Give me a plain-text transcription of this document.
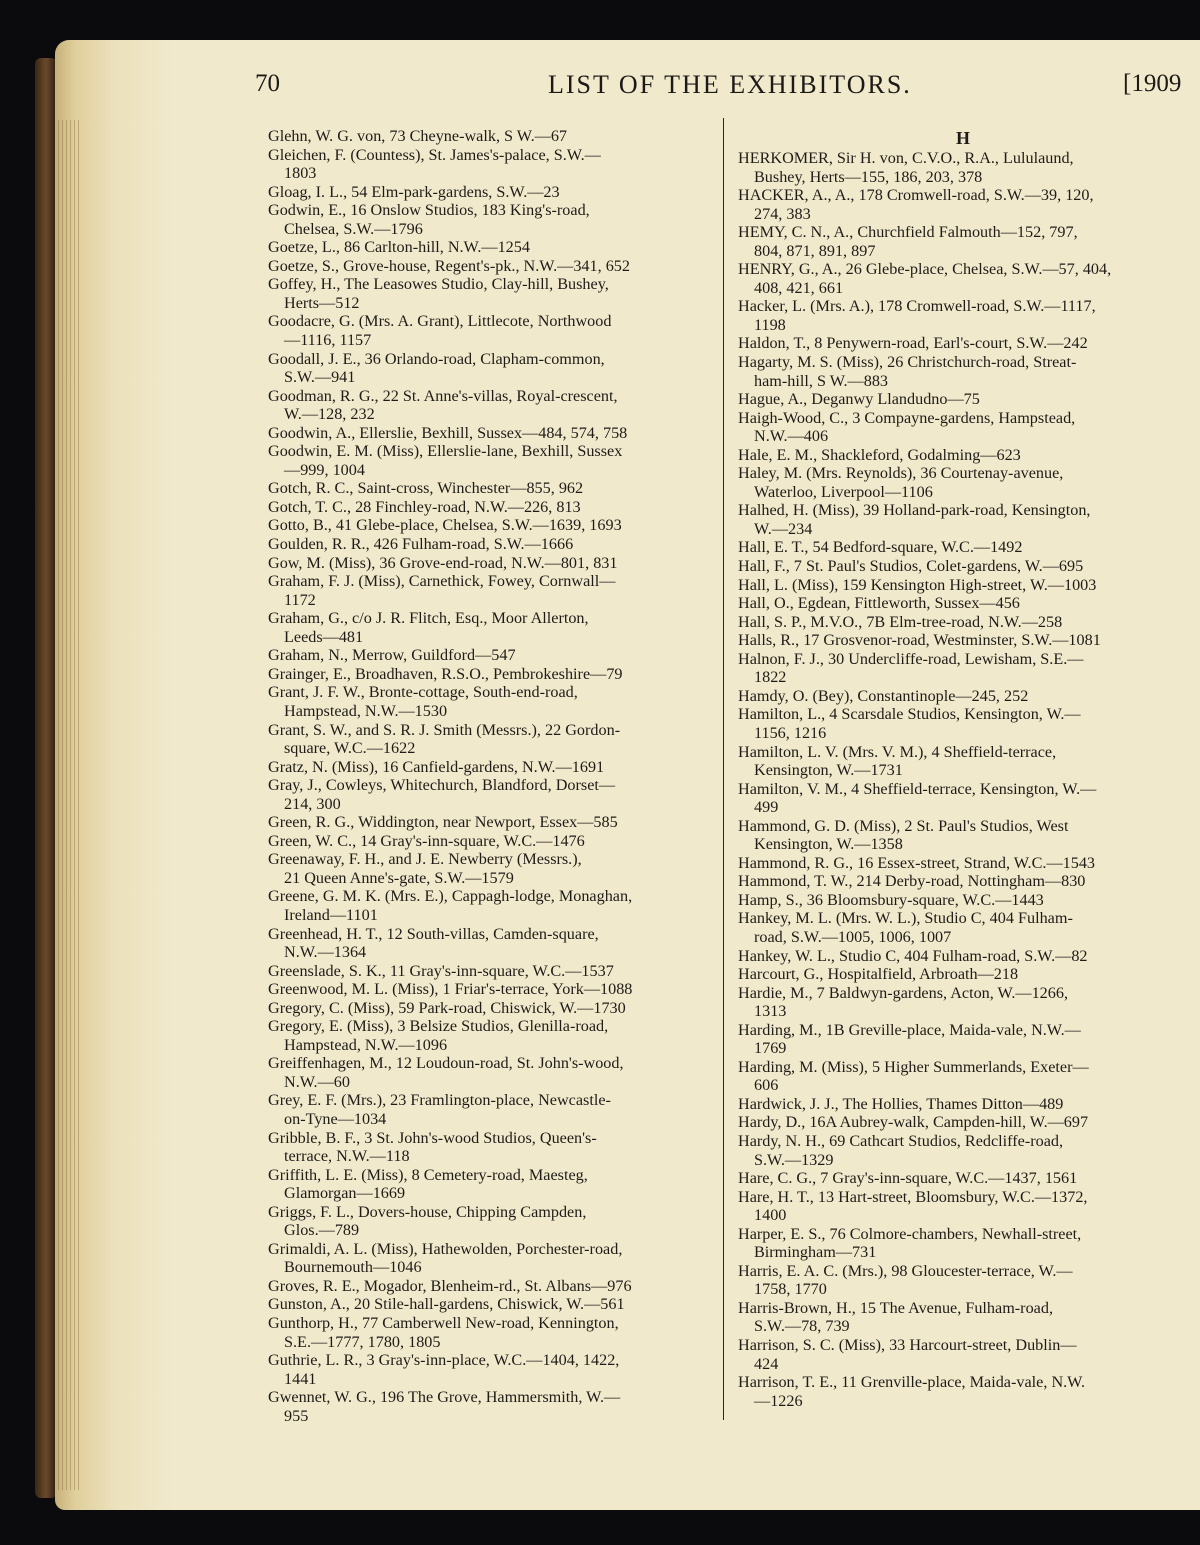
70	LIST OF THE EXHIBITORS.	[1909
Glehn, W. G. von, 73 Cheyne-walk, S W.—67
Gleichen, F. (Countess), St. James's-palace, S.W.—
1803
Gloag, I. L., 54 Elm-park-gardens, S.W.—23
Godwin, E., 16 Onslow Studios, 183 King's-road,
Chelsea, S.W.—1796
Goetze, L., 86 Carlton-hill, N.W.—1254
Goetze, S., Grove-house, Regent's-pk., N.W.—341, 652
Goffey, H., The Leasowes Studio, Clay-hill, Bushey,
Herts—512
Goodacre, G. (Mrs. A. Grant), Littlecote, Northwood
—1116, 1157
Goodall, J. E., 36 Orlando-road, Clapham-common,
S.W.—941
Goodman, R. G., 22 St. Anne's-villas, Royal-crescent,
W.—128, 232
Goodwin, A., Ellerslie, Bexhill, Sussex—484, 574, 758
Goodwin, E. M. (Miss), Ellerslie-lane, Bexhill, Sussex
—999, 1004
Gotch, R. C., Saint-cross, Winchester—855, 962
Gotch, T. C., 28 Finchley-road, N.W.—226, 813
Gotto, B., 41 Glebe-place, Chelsea, S.W.—1639, 1693
Goulden, R. R., 426 Fulham-road, S.W.—1666
Gow, M. (Miss), 36 Grove-end-road, N.W.—801, 831
Graham, F. J. (Miss), Carnethick, Fowey, Cornwall—
1172
Graham, G., c/o J. R. Flitch, Esq., Moor Allerton,
Leeds—481
Graham, N., Merrow, Guildford—547
Grainger, E., Broadhaven, R.S.O., Pembrokeshire—79
Grant, J. F. W., Bronte-cottage, South-end-road,
Hampstead, N.W.—1530
Grant, S. W., and S. R. J. Smith (Messrs.), 22 Gordon-
square, W.C.—1622
Gratz, N. (Miss), 16 Canfield-gardens, N.W.—1691
Gray, J., Cowleys, Whitechurch, Blandford, Dorset—
214, 300
Green, R. G., Widdington, near Newport, Essex—585
Green, W. C., 14 Gray's-inn-square, W.C.—1476
Greenaway, F. H., and J. E. Newberry (Messrs.),
21 Queen Anne's-gate, S.W.—1579
Greene, G. M. K. (Mrs. E.), Cappagh-lodge, Monaghan,
Ireland—1101
Greenhead, H. T., 12 South-villas, Camden-square,
N.W.—1364
Greenslade, S. K., 11 Gray's-inn-square, W.C.—1537
Greenwood, M. L. (Miss), 1 Friar's-terrace, York—1088
Gregory, C. (Miss), 59 Park-road, Chiswick, W.—1730
Gregory, E. (Miss), 3 Belsize Studios, Glenilla-road,
Hampstead, N.W.—1096
Greiffenhagen, M., 12 Loudoun-road, St. John's-wood,
N.W.—60
Grey, E. F. (Mrs.), 23 Framlington-place, Newcastle-
on-Tyne—1034
Gribble, B. F., 3 St. John's-wood Studios, Queen's-
terrace, N.W.—118
Griffith, L. E. (Miss), 8 Cemetery-road, Maesteg,
Glamorgan—1669
Griggs, F. L., Dovers-house, Chipping Campden,
Glos.—789
Grimaldi, A. L. (Miss), Hathewolden, Porchester-road,
Bournemouth—1046
Groves, R. E., Mogador, Blenheim-rd., St. Albans—976
Gunston, A., 20 Stile-hall-gardens, Chiswick, W.—561
Gunthorp, H., 77 Camberwell New-road, Kennington,
S.E.—1777, 1780, 1805
Guthrie, L. R., 3 Gray's-inn-place, W.C.—1404, 1422,
1441
Gwennet, W. G., 196 The Grove, Hammersmith, W.—
955
H
HERKOMER, Sir H. von, C.V.O., R.A., Lululaund,
Bushey, Herts—155, 186, 203, 378
HACKER, A., A., 178 Cromwell-road, S.W.—39, 120,
274, 383
HEMY, C. N., A., Churchfield Falmouth—152, 797,
804, 871, 891, 897
HENRY, G., A., 26 Glebe-place, Chelsea, S.W.—57, 404,
408, 421, 661
Hacker, L. (Mrs. A.), 178 Cromwell-road, S.W.—1117,
1198
Haldon, T., 8 Penywern-road, Earl's-court, S.W.—242
Hagarty, M. S. (Miss), 26 Christchurch-road, Streat-
ham-hill, S W.—883
Hague, A., Deganwy Llandudno—75
Haigh-Wood, C., 3 Compayne-gardens, Hampstead,
N.W.—406
Hale, E. M., Shackleford, Godalming—623
Haley, M. (Mrs. Reynolds), 36 Courtenay-avenue,
Waterloo, Liverpool—1106
Halhed, H. (Miss), 39 Holland-park-road, Kensington,
W.—234
Hall, E. T., 54 Bedford-square, W.C.—1492
Hall, F., 7 St. Paul's Studios, Colet-gardens, W.—695
Hall, L. (Miss), 159 Kensington High-street, W.—1003
Hall, O., Egdean, Fittleworth, Sussex—456
Hall, S. P., M.V.O., 7B Elm-tree-road, N.W.—258
Halls, R., 17 Grosvenor-road, Westminster, S.W.—1081
Halnon, F. J., 30 Undercliffe-road, Lewisham, S.E.—
1822
Hamdy, O. (Bey), Constantinople—245, 252
Hamilton, L., 4 Scarsdale Studios, Kensington, W.—
1156, 1216
Hamilton, L. V. (Mrs. V. M.), 4 Sheffield-terrace,
Kensington, W.—1731
Hamilton, V. M., 4 Sheffield-terrace, Kensington, W.—
499
Hammond, G. D. (Miss), 2 St. Paul's Studios, West
Kensington, W.—1358
Hammond, R. G., 16 Essex-street, Strand, W.C.—1543
Hammond, T. W., 214 Derby-road, Nottingham—830
Hamp, S., 36 Bloomsbury-square, W.C.—1443
Hankey, M. L. (Mrs. W. L.), Studio C, 404 Fulham-
road, S.W.—1005, 1006, 1007
Hankey, W. L., Studio C, 404 Fulham-road, S.W.—82
Harcourt, G., Hospitalfield, Arbroath—218
Hardie, M., 7 Baldwyn-gardens, Acton, W.—1266,
1313
Harding, M., 1B Greville-place, Maida-vale, N.W.—
1769
Harding, M. (Miss), 5 Higher Summerlands, Exeter—
606
Hardwick, J. J., The Hollies, Thames Ditton—489
Hardy, D., 16A Aubrey-walk, Campden-hill, W.—697
Hardy, N. H., 69 Cathcart Studios, Redcliffe-road,
S.W.—1329
Hare, C. G., 7 Gray's-inn-square, W.C.—1437, 1561
Hare, H. T., 13 Hart-street, Bloomsbury, W.C.—1372,
1400
Harper, E. S., 76 Colmore-chambers, Newhall-street,
Birmingham—731
Harris, E. A. C. (Mrs.), 98 Gloucester-terrace, W.—
1758, 1770
Harris-Brown, H., 15 The Avenue, Fulham-road,
S.W.—78, 739
Harrison, S. C. (Miss), 33 Harcourt-street, Dublin—
424
Harrison, T. E., 11 Grenville-place, Maida-vale, N.W.
—1226
